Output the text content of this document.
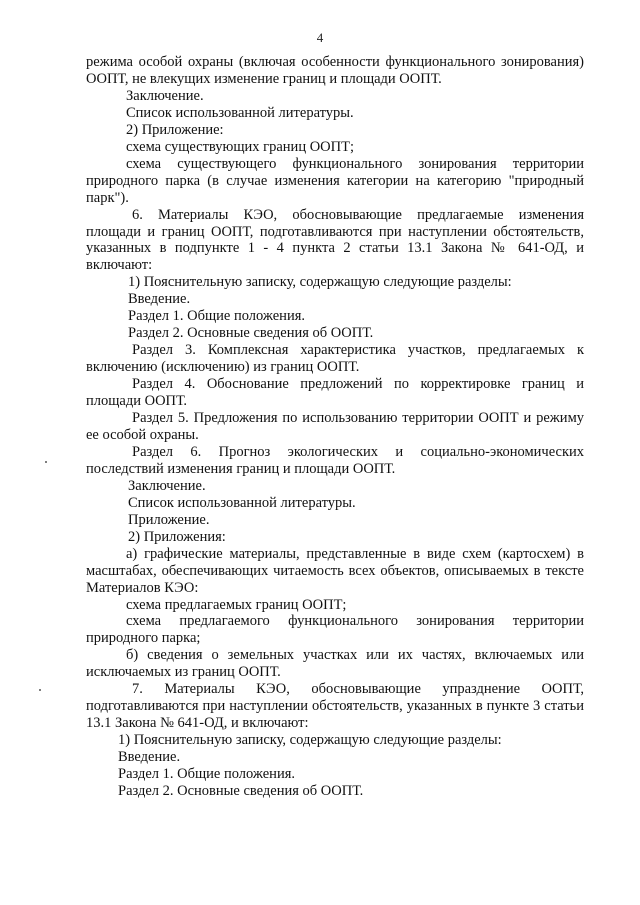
4

режима особой охраны (включая особенности функционального зонирования) ООПТ, не влекущих изменение границ и площади ООПТ.

Заключение.

Список использованной литературы.

2) Приложение:

схема существующих границ ООПТ;

схема существующего функционального зонирования территории природного парка (в случае изменения категории на категорию "природный парк").

6. Материалы КЭО, обосновывающие предлагаемые изменения площади и границ ООПТ, подготавливаются при наступлении обстоятельств, указанных в подпункте 1 - 4 пункта 2 статьи 13.1 Закона № 641-ОД, и включают:

1) Пояснительную записку, содержащую следующие разделы:

Введение.

Раздел 1. Общие положения.

Раздел 2. Основные сведения об ООПТ.

Раздел 3. Комплексная характеристика участков, предлагаемых к включению (исключению) из границ ООПТ.

Раздел 4. Обоснование предложений по корректировке границ и площади ООПТ.

Раздел 5. Предложения по использованию территории ООПТ и режиму ее особой охраны.

Раздел 6. Прогноз экологических и социально-экономических последствий изменения границ и площади ООПТ.

Заключение.

Список использованной литературы.

Приложение.

2) Приложения:

а) графические материалы, представленные в виде схем (картосхем) в масштабах, обеспечивающих читаемость всех объектов, описываемых в тексте Материалов КЭО:

схема предлагаемых границ ООПТ;

схема предлагаемого функционального зонирования территории природного парка;

б) сведения о земельных участках или их частях, включаемых или исключаемых из границ ООПТ.

7. Материалы КЭО, обосновывающие упразднение ООПТ, подготавливаются при наступлении обстоятельств, указанных в пункте 3 статьи 13.1 Закона № 641-ОД, и включают:

1) Пояснительную записку, содержащую следующие разделы:

Введение.

Раздел 1. Общие положения.

Раздел 2. Основные сведения об ООПТ.
